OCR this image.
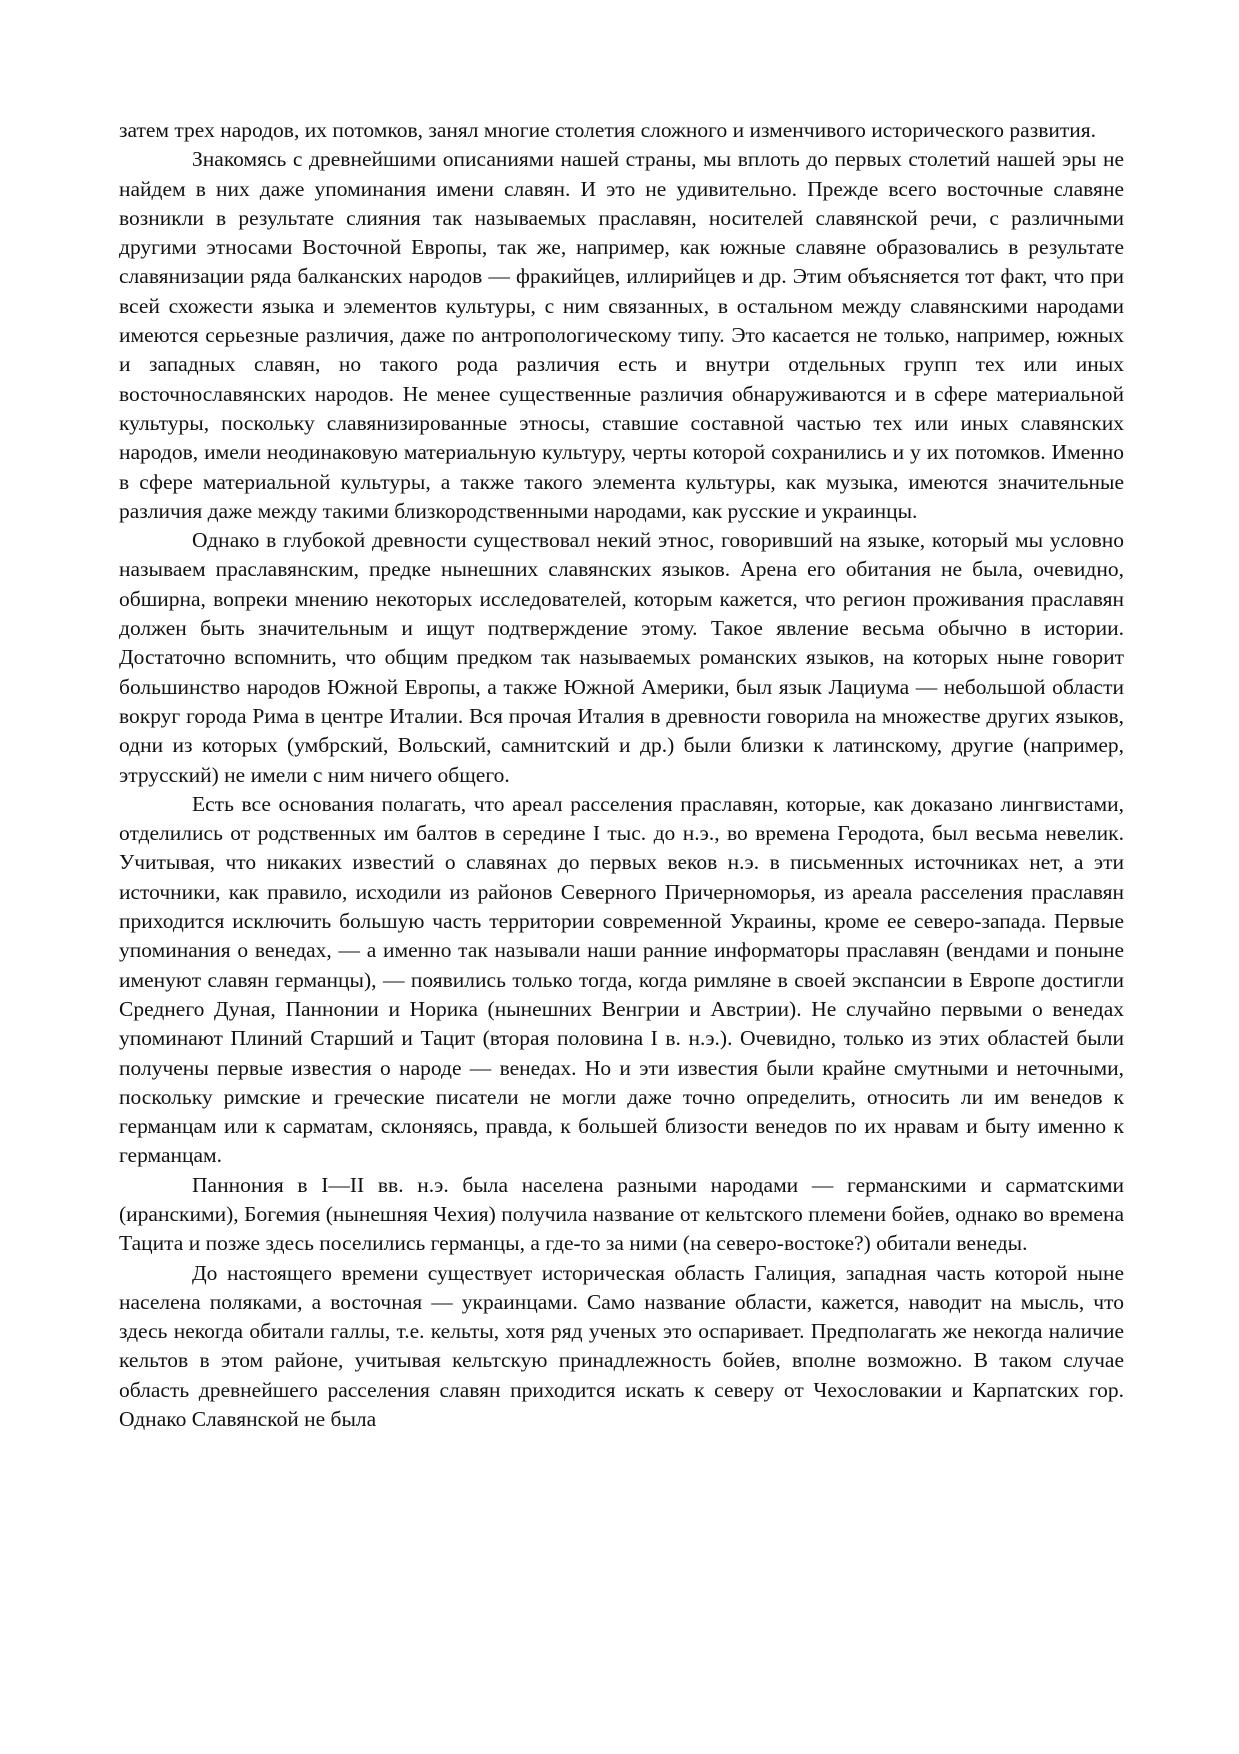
затем трех народов, их потомков, занял многие столетия сложного и изменчивого исторического развития.

Знакомясь с древнейшими описаниями нашей страны, мы вплоть до первых столетий нашей эры не найдем в них даже упоминания имени славян. И это не удивительно. Прежде всего восточные славяне возникли в результате слияния так называемых праславян, носителей славянской речи, с различными другими этносами Восточной Европы, так же, например, как южные славяне образовались в результате славянизации ряда балканских народов — фракийцев, иллирийцев и др. Этим объясняется тот факт, что при всей схожести языка и элементов культуры, с ним связанных, в остальном между славянскими народами имеются серьезные различия, даже по антропологическому типу. Это касается не только, например, южных и западных славян, но такого рода различия есть и внутри отдельных групп тех или иных восточнославянских народов. Не менее существенные различия обнаруживаются и в сфере материальной культуры, поскольку славянизированные этносы, ставшие составной частью тех или иных славянских народов, имели неодинаковую материальную культуру, черты которой сохранились и у их потомков. Именно в сфере материальной культуры, а также такого элемента культуры, как музыка, имеются значительные различия даже между такими близкородственными народами, как русские и украинцы.

Однако в глубокой древности существовал некий этнос, говоривший на языке, который мы условно называем праславянским, предке нынешних славянских языков. Арена его обитания не была, очевидно, обширна, вопреки мнению некоторых исследователей, которым кажется, что регион проживания праславян должен быть значительным и ищут подтверждение этому. Такое явление весьма обычно в истории. Достаточно вспомнить, что общим предком так называемых романских языков, на которых ныне говорит большинство народов Южной Европы, а также Южной Америки, был язык Лациума — небольшой области вокруг города Рима в центре Италии. Вся прочая Италия в древности говорила на множестве других языков, одни из которых (умбрский, Вольский, самнитский и др.) были близки к латинскому, другие (например, этрусский) не имели с ним ничего общего.

Есть все основания полагать, что ареал расселения праславян, которые, как доказано лингвистами, отделились от родственных им балтов в середине I тыс. до н.э., во времена Геродота, был весьма невелик. Учитывая, что никаких известий о славянах до первых веков н.э. в письменных источниках нет, а эти источники, как правило, исходили из районов Северного Причерноморья, из ареала расселения праславян приходится исключить большую часть территории современной Украины, кроме ее северо-запада. Первые упоминания о венедах, — а именно так называли наши ранние информаторы праславян (вендами и поныне именуют славян германцы), — появились только тогда, когда римляне в своей экспансии в Европе достигли Среднего Дуная, Паннонии и Норика (нынешних Венгрии и Австрии). Не случайно первыми о венедах упоминают Плиний Старший и Тацит (вторая половина I в. н.э.). Очевидно, только из этих областей были получены первые известия о народе — венедах. Но и эти известия были крайне смутными и неточными, поскольку римские и греческие писатели не могли даже точно определить, относить ли им венедов к германцам или к сарматам, склоняясь, правда, к большей близости венедов по их нравам и быту именно к германцам.

Паннония в I—II вв. н.э. была населена разными народами — германскими и сарматскими (иранскими), Богемия (нынешняя Чехия) получила название от кельтского племени бойев, однако во времена Тацита и позже здесь поселились германцы, а где-то за ними (на северо-востоке?) обитали венеды.

До настоящего времени существует историческая область Галиция, западная часть которой ныне населена поляками, а восточная — украинцами. Само название области, кажется, наводит на мысль, что здесь некогда обитали галлы, т.е. кельты, хотя ряд ученых это оспаривает. Предполагать же некогда наличие кельтов в этом районе, учитывая кельтскую принадлежность бойев, вполне возможно. В таком случае область древнейшего расселения славян приходится искать к северу от Чехословакии и Карпатских гор. Однако Славянской не была
